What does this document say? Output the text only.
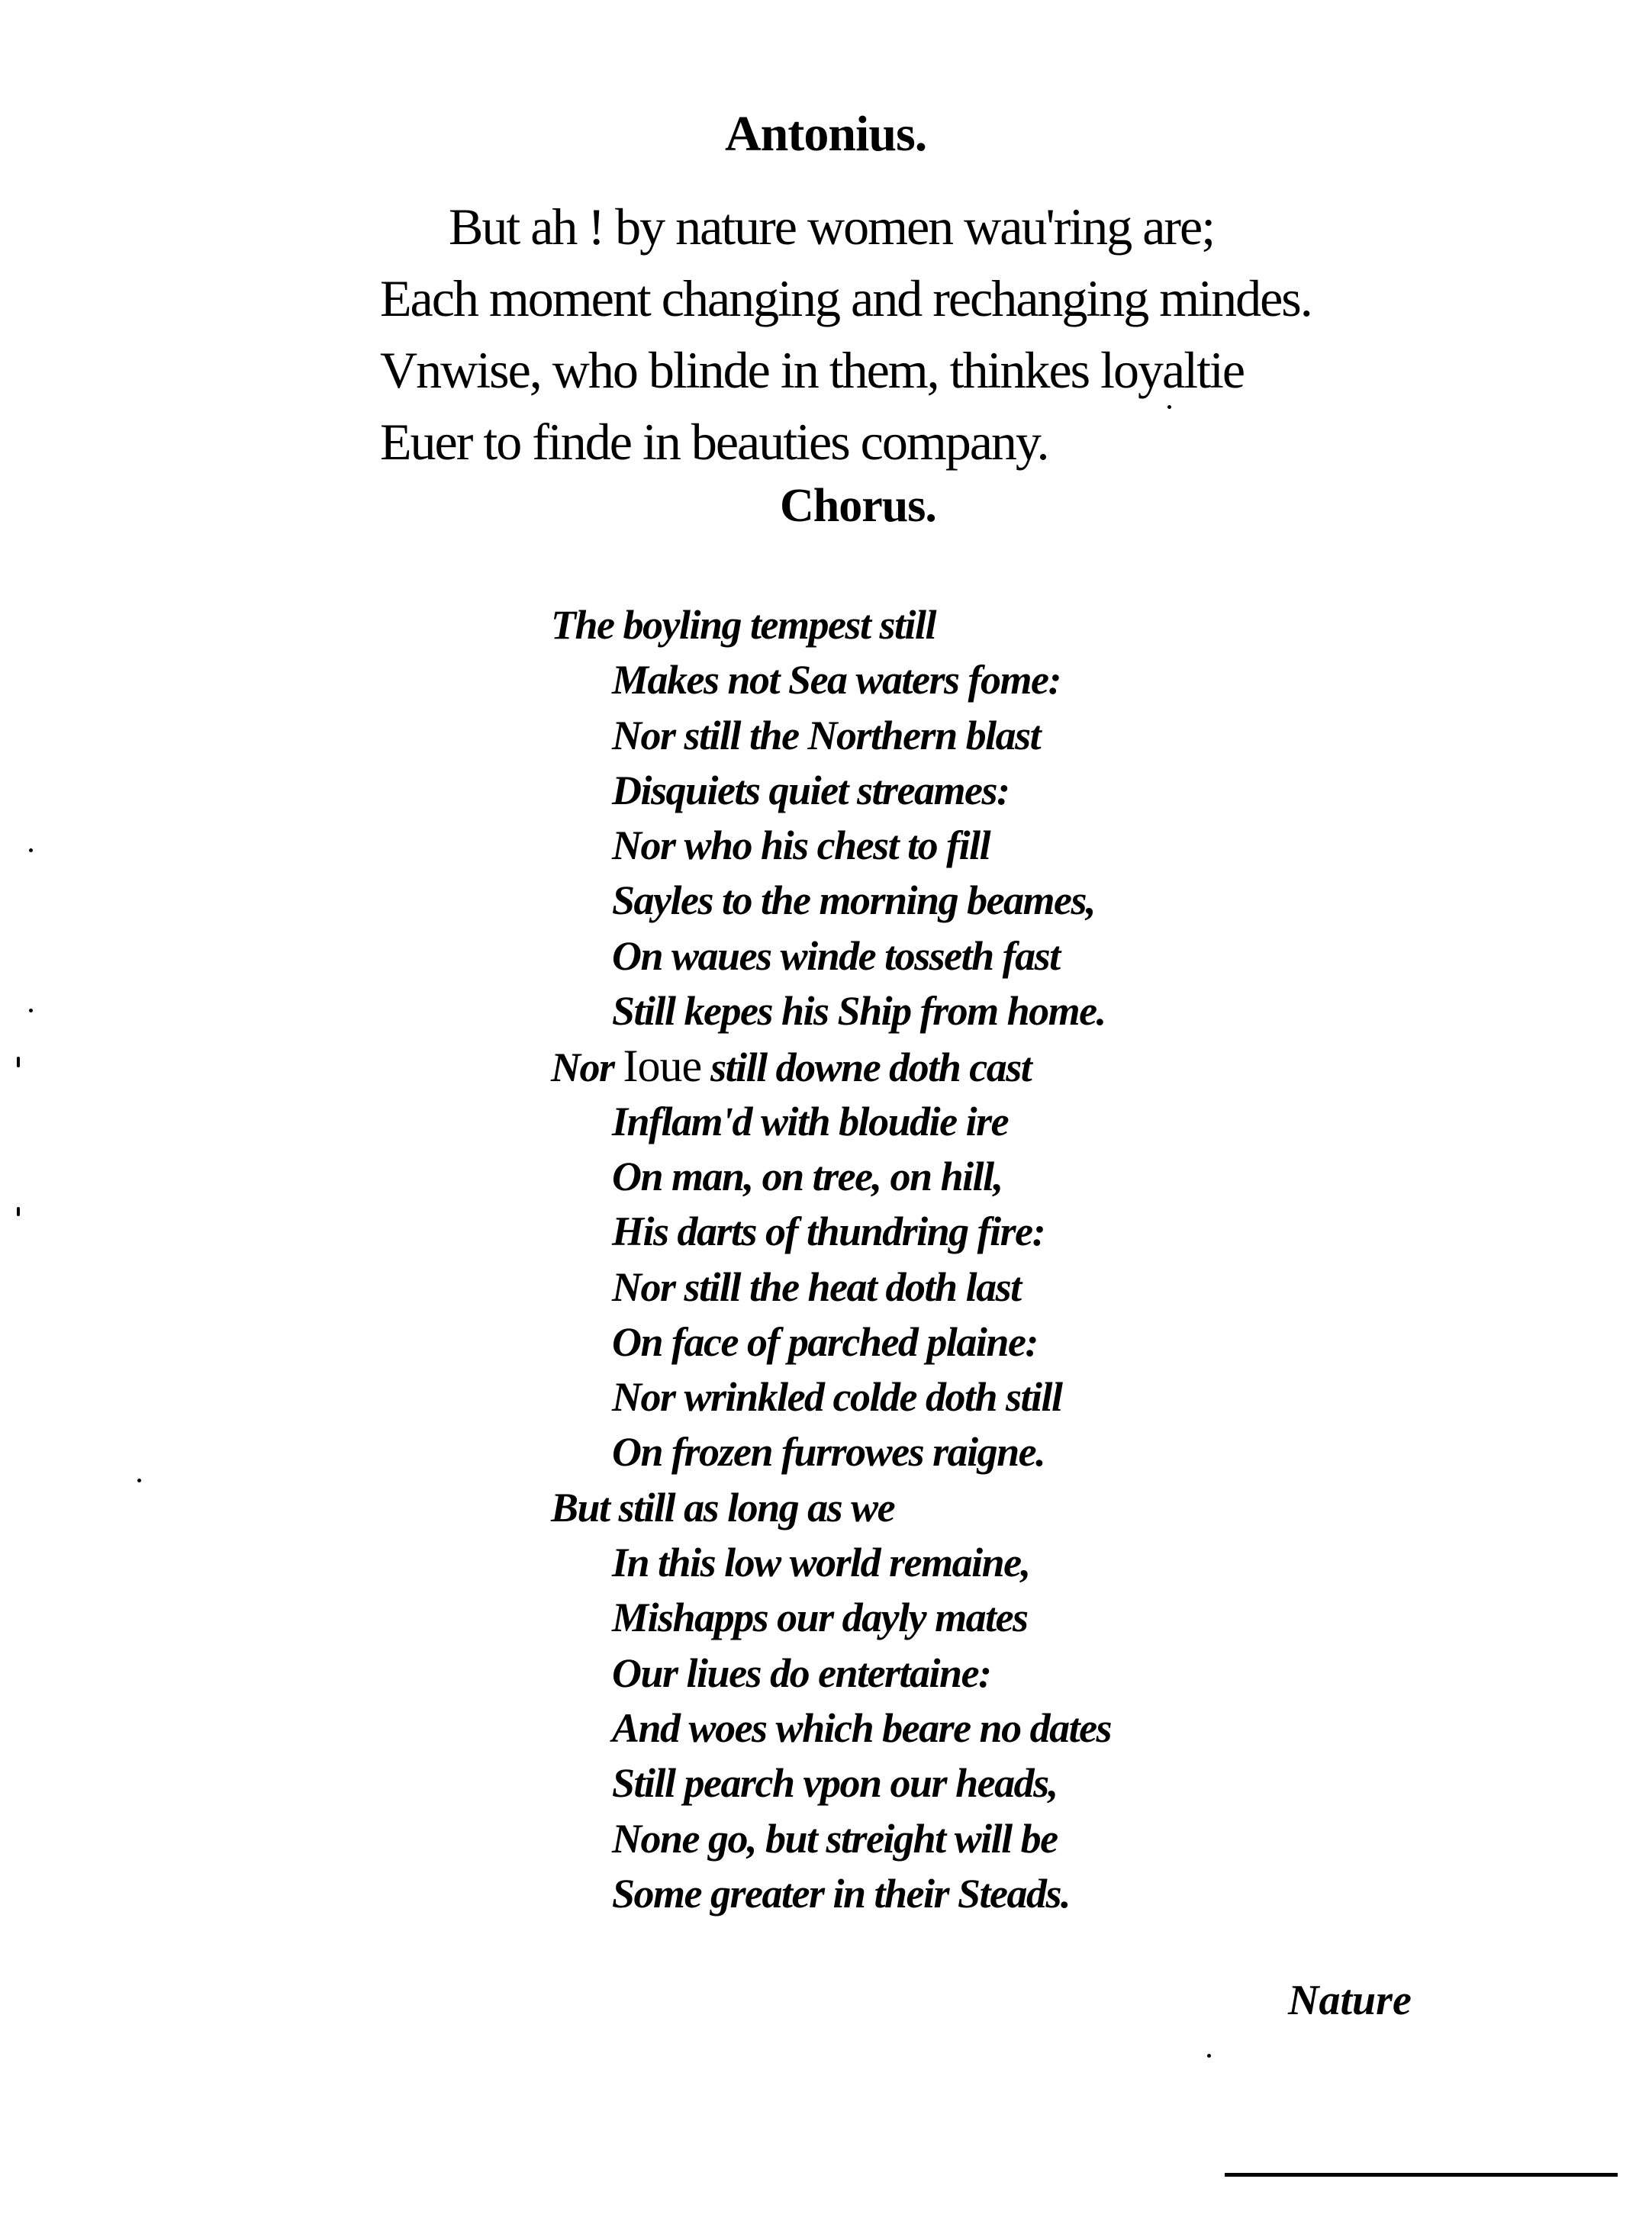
Antonius.
But ah ! by nature women wau'ring are;
Each moment changing and rechanging mindes.
Vnwise, who blinde in them, thinkes loyaltie
Euer to finde in beauties company.
Chorus.
The boyling tempest still
Makes not Sea waters fome:
Nor still the Northern blast
Disquiets quiet streames:
Nor who his chest to fill
Sayles to the morning beames,
On waues winde tosseth fast
Still kepes his Ship from home.
Nor Ioue still downe doth cast
Inflam'd with bloudie ire
On man, on tree, on hill,
His darts of thundring fire:
Nor still the heat doth last
On face of parched plaine:
Nor wrinkled colde doth still
On frozen furrowes raigne.
But still as long as we
In this low world remaine,
Mishapps our dayly mates
Our liues do entertaine:
And woes which beare no dates
Still pearch vpon our heads,
None go, but streight will be
Some greater in their Steads.
Nature
